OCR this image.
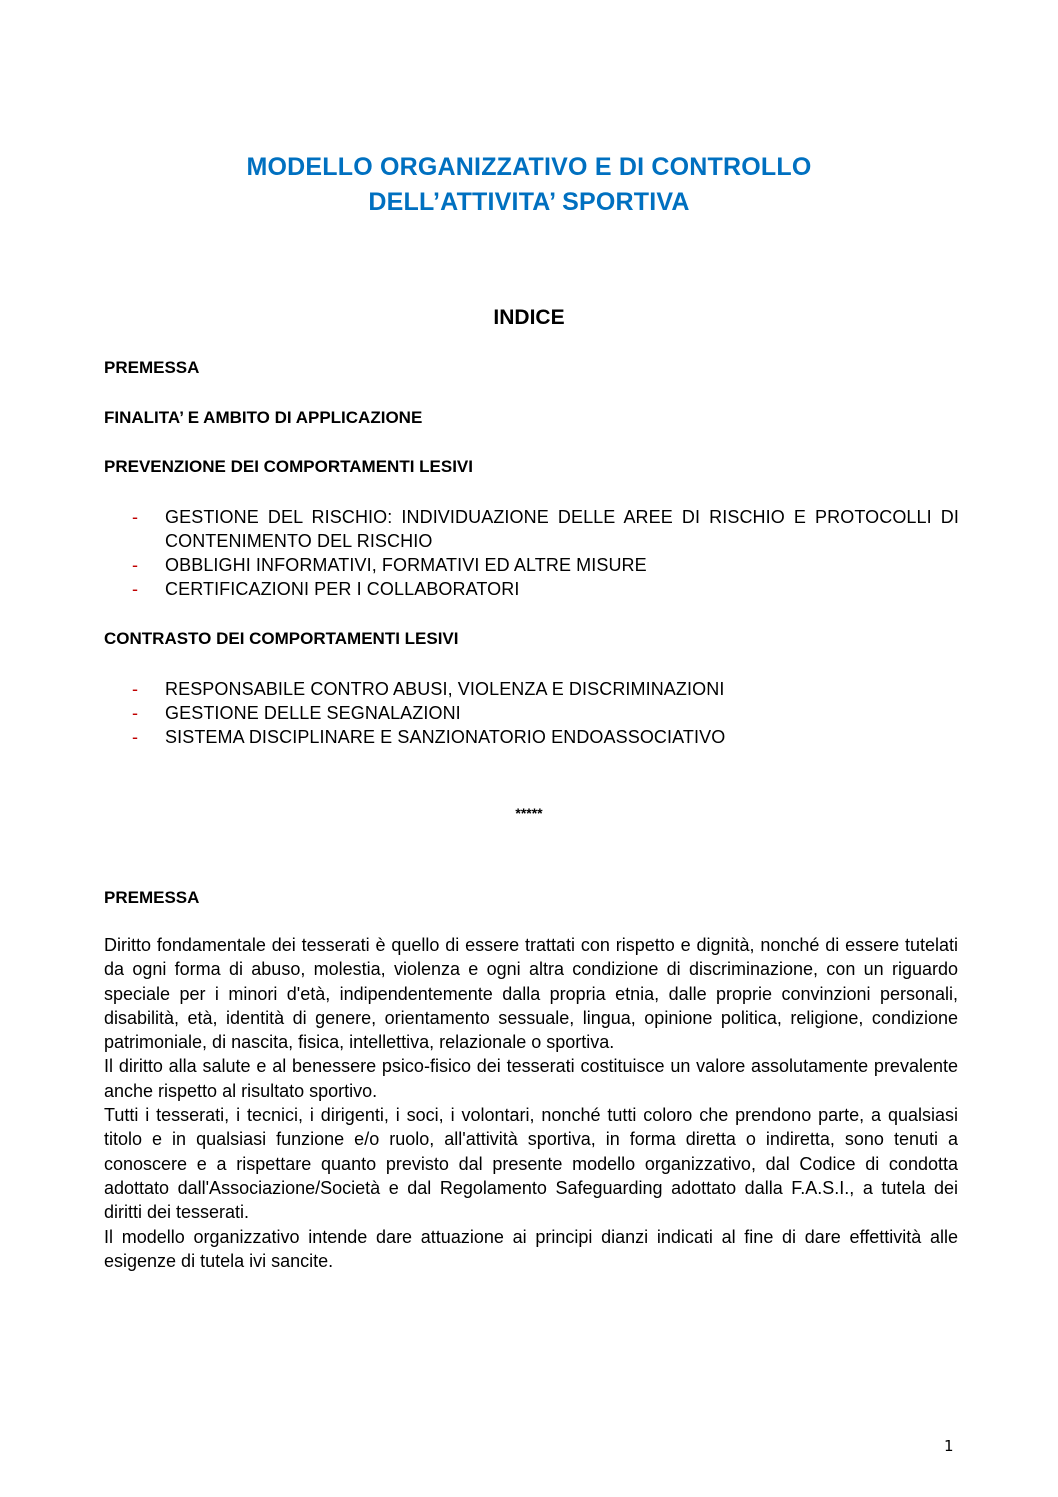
MODELLO ORGANIZZATIVO E DI CONTROLLO
DELL’ATTIVITA’ SPORTIVA
INDICE
PREMESSA
FINALITA’ E AMBITO DI APPLICAZIONE
PREVENZIONE DEI COMPORTAMENTI LESIVI
- GESTIONE DEL RISCHIO: INDIVIDUAZIONE DELLE AREE DI RISCHIO E PROTOCOLLI DI CONTENIMENTO DEL RISCHIO
- OBBLIGHI INFORMATIVI, FORMATIVI ED ALTRE MISURE
- CERTIFICAZIONI PER I COLLABORATORI
CONTRASTO DEI COMPORTAMENTI LESIVI
- RESPONSABILE CONTRO ABUSI, VIOLENZA E DISCRIMINAZIONI
- GESTIONE DELLE SEGNALAZIONI
- SISTEMA DISCIPLINARE E SANZIONATORIO ENDOASSOCIATIVO
*****
PREMESSA

Diritto fondamentale dei tesserati è quello di essere trattati con rispetto e dignità, nonché di essere tutelati da ogni forma di abuso, molestia, violenza e ogni altra condizione di discriminazione, con un riguardo speciale per i minori d'età, indipendentemente dalla propria etnia, dalle proprie convinzioni personali, disabilità, età, identità di genere, orientamento sessuale, lingua, opinione politica, religione, condizione patrimoniale, di nascita, fisica, intellettiva, relazionale o sportiva.

Il diritto alla salute e al benessere psico-fisico dei tesserati costituisce un valore assolutamente prevalente anche rispetto al risultato sportivo.

Tutti i tesserati, i tecnici, i dirigenti, i soci, i volontari, nonché tutti coloro che prendono parte, a qualsiasi titolo e in qualsiasi funzione e/o ruolo, all'attività sportiva, in forma diretta o indiretta, sono tenuti a conoscere e a rispettare quanto previsto dal presente modello organizzativo, dal Codice di condotta adottato dall'Associazione/Società e dal Regolamento Safeguarding adottato dalla F.A.S.I., a tutela dei diritti dei tesserati.

Il modello organizzativo intende dare attuazione ai principi dianzi indicati al fine di dare effettività alle esigenze di tutela ivi sancite.

1
